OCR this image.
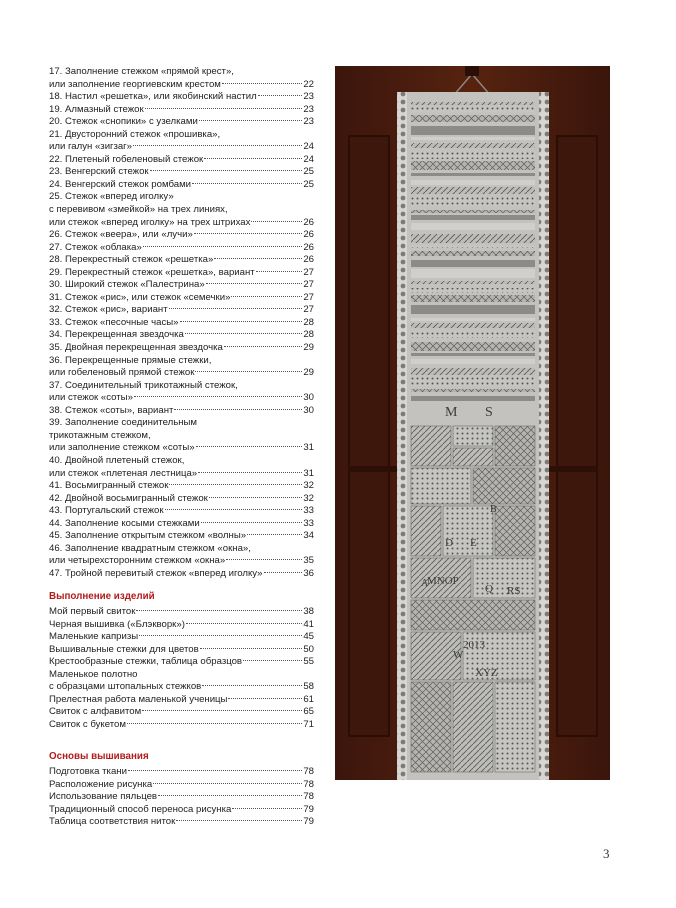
17. Заполнение стежком «прямой крест»,
или заполнение георгиевским крестом	22
18. Настил «решетка», или якобинский настил	23
19. Алмазный стежок	23
20. Стежок «снопики» с узелками	23
21. Двусторонний стежок «прошивка»,
или галун «зигзаг»	24
22. Плетеный гобеленовый стежок	24
23. Венгерский стежок	25
24. Венгерский стежок ромбами	25
25. Стежок «вперед иголку»
с перевивом «змейкой» на трех линиях,
или стежок «вперед иголку» на трех штрихах	26
26. Стежок «веера», или «лучи»	26
27. Стежок «облака»	26
28. Перекрестный стежок «решетка»	26
29. Перекрестный стежок «решетка», вариант	27
30. Широкий стежок «Палестрина»	27
31. Стежок «рис», или стежок «семечки»	27
32. Стежок «рис», вариант	27
33. Стежок «песочные часы»	28
34. Перекрещенная звездочка	28
35. Двойная перекрещенная звездочка	29
36. Перекрещенные прямые стежки,
или гобеленовый прямой стежок	29
37. Соединительный трикотажный стежок,
или стежок «соты»	30
38. Стежок «соты», вариант	30
39. Заполнение соединительным
трикотажным стежком,
или заполнение стежком «соты»	31
40. Двойной плетеный стежок,
или стежок «плетеная лестница»	31
41. Восьмигранный стежок	32
42. Двойной восьмигранный стежок	32
43. Португальский стежок	33
44. Заполнение косыми стежками	33
45. Заполнение открытым стежком «волны»	34
46. Заполнение квадратным стежком «окна»,
или четырехсторонним стежком «окна»	35
47. Тройной перевитый стежок «вперед иголку»	36
Выполнение изделий
Мой первый свиток	38
Черная вышивка («Блэкворк»)	41
Маленькие капризы	45
Вышивальные стежки для цветов	50
Крестообразные стежки, таблица образцов	55
Маленькое полотно
с образцами штопальных стежков	58
Прелестная работа маленькой ученицы	61
Свиток с алфавитом	65
Свиток с букетом	71
Основы вышивания
Подготовка ткани	78
Расположение рисунка	78
Использование пяльцев	78
Традиционный способ переноса рисунка	79
Таблица соответствия ниток	79
M S
A
B
D E
MNOP
Q RS
W
XYZ
2013
3
